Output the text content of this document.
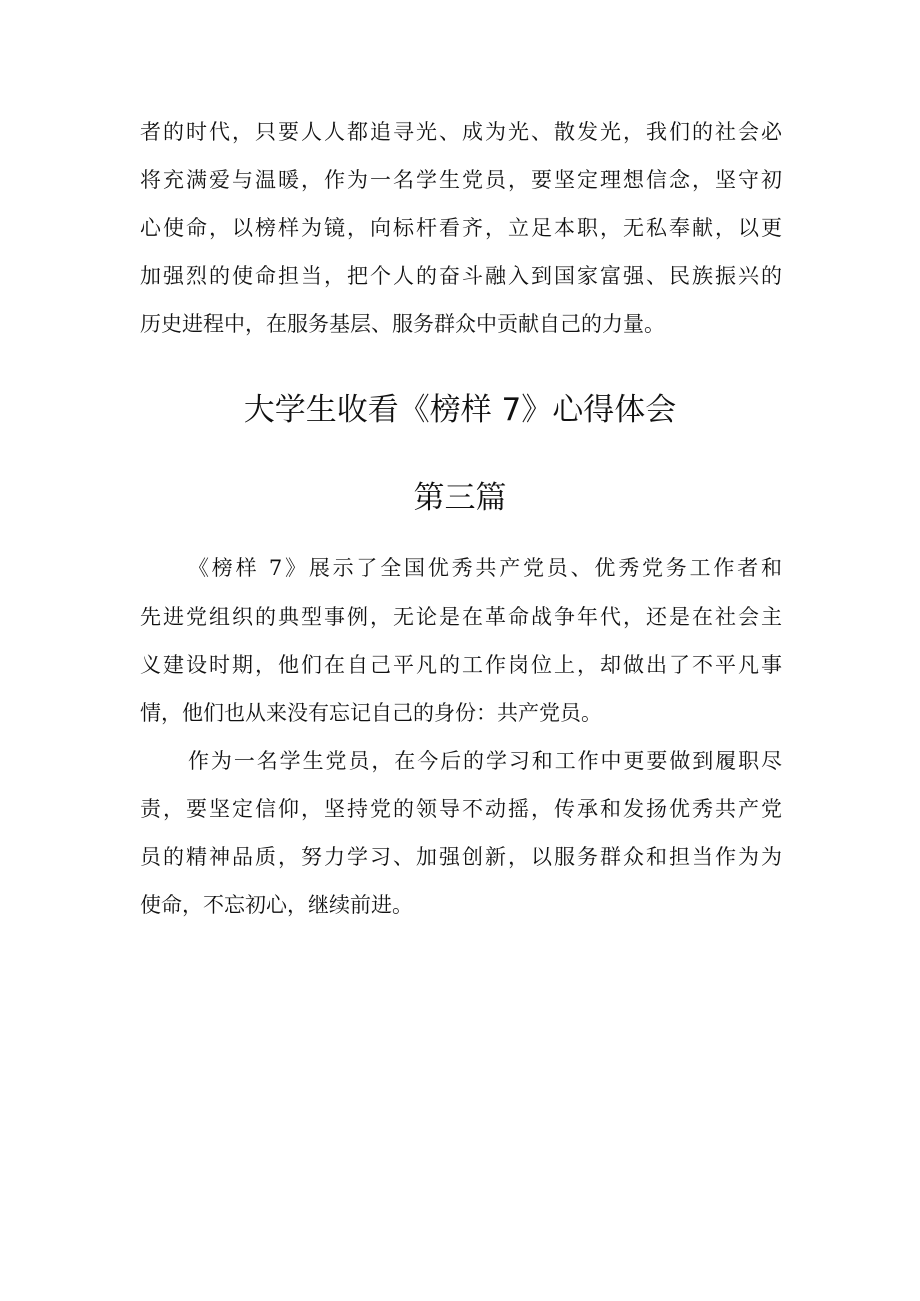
者的时代，只要人人都追寻光、成为光、散发光，我们的社会必

将充满爱与温暖，作为一名学生党员，要坚定理想信念，坚守初

心使命，以榜样为镜，向标杆看齐，立足本职，无私奉献，以更

加强烈的使命担当，把个人的奋斗融入到国家富强、民族振兴的

历史进程中，在服务基层、服务群众中贡献自己的力量。

大学生收看《榜样 7》心得体会
第三篇

《榜样 7》展示了全国优秀共产党员、优秀党务工作者和

先进党组织的典型事例，无论是在革命战争年代，还是在社会主

义建设时期，他们在自己平凡的工作岗位上，却做出了不平凡事

情，他们也从来没有忘记自己的身份：共产党员。

作为一名学生党员，在今后的学习和工作中更要做到履职尽

责，要坚定信仰，坚持党的领导不动摇，传承和发扬优秀共产党

员的精神品质，努力学习、加强创新，以服务群众和担当作为为

使命，不忘初心，继续前进。
